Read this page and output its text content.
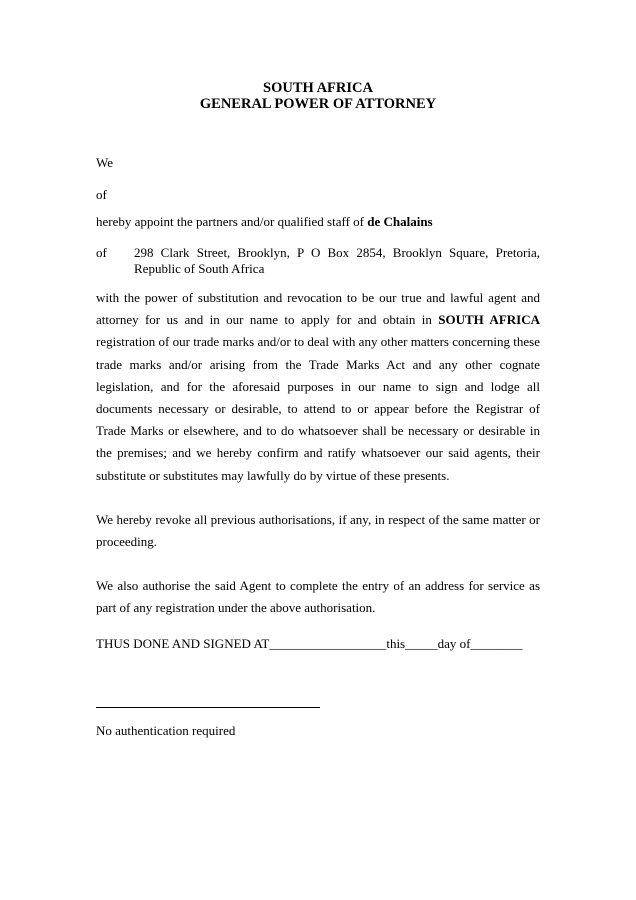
SOUTH AFRICA
GENERAL POWER OF ATTORNEY
We
of
hereby appoint the partners and/or qualified staff of de Chalains
of 298 Clark Street, Brooklyn, P O Box 2854, Brooklyn Square, Pretoria, Republic of South Africa
with the power of substitution and revocation to be our true and lawful agent and attorney for us and in our name to apply for and obtain in SOUTH AFRICA registration of our trade marks and/or to deal with any other matters concerning these trade marks and/or arising from the Trade Marks Act and any other cognate legislation, and for the aforesaid purposes in our name to sign and lodge all documents necessary or desirable, to attend to or appear before the Registrar of Trade Marks or elsewhere, and to do whatsoever shall be necessary or desirable in the premises; and we hereby confirm and ratify whatsoever our said agents, their substitute or substitutes may lawfully do by virtue of these presents.
We hereby revoke all previous authorisations, if any, in respect of the same matter or proceeding.
We also authorise the said Agent to complete the entry of an address for service as part of any registration under the above authorisation.
THUS DONE AND SIGNED AT__________________this_____day of________
No authentication required
